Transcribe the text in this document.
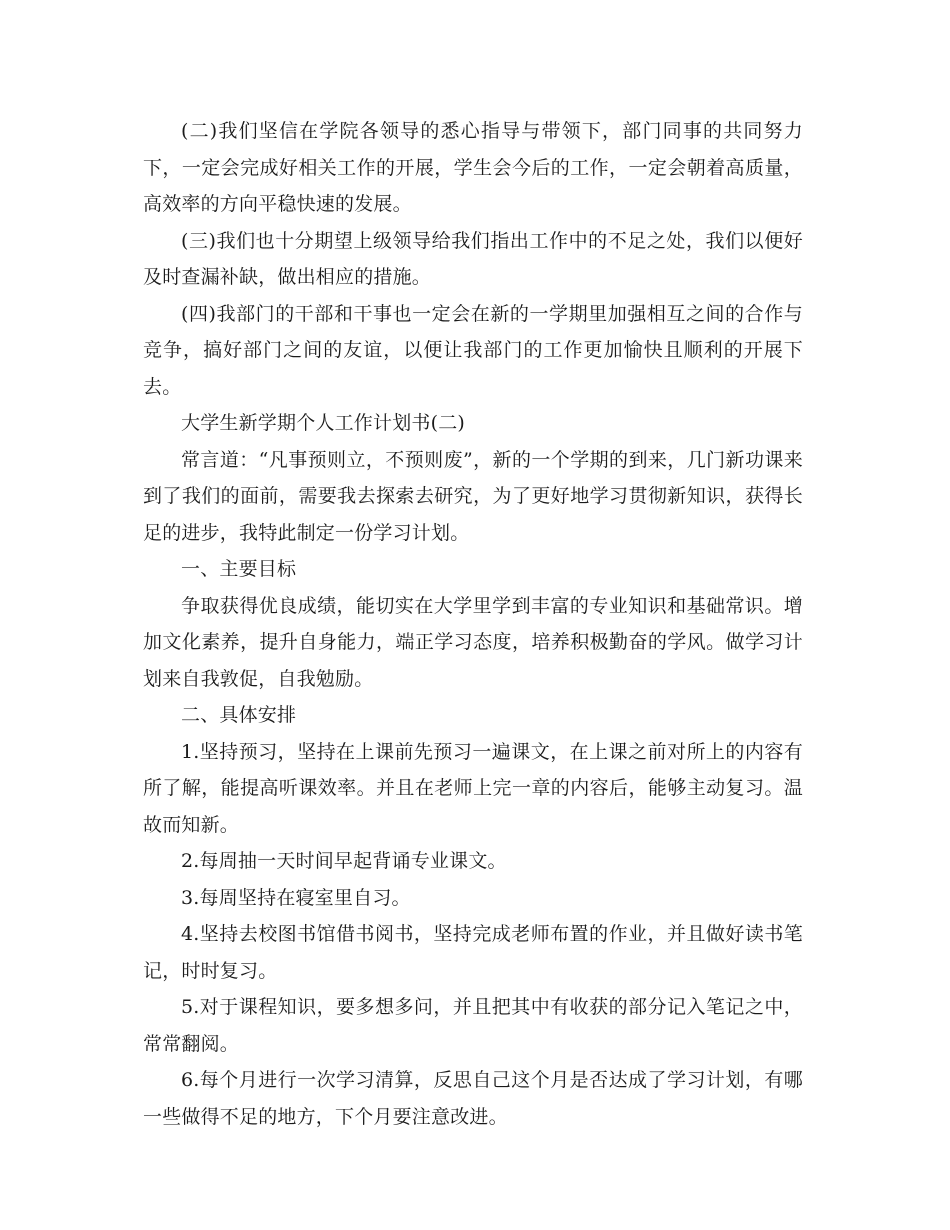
(二)我们坚信在学院各领导的悉心指导与带领下，部门同事的共同努力下，一定会完成好相关工作的开展，学生会今后的工作，一定会朝着高质量，高效率的方向平稳快速的发展。

(三)我们也十分期望上级领导给我们指出工作中的不足之处，我们以便好及时查漏补缺，做出相应的措施。

(四)我部门的干部和干事也一定会在新的一学期里加强相互之间的合作与竞争，搞好部门之间的友谊，以便让我部门的工作更加愉快且顺利的开展下去。

大学生新学期个人工作计划书(二)

常言道：“凡事预则立，不预则废”，新的一个学期的到来，几门新功课来到了我们的面前，需要我去探索去研究，为了更好地学习贯彻新知识，获得长足的进步，我特此制定一份学习计划。

一、主要目标

争取获得优良成绩，能切实在大学里学到丰富的专业知识和基础常识。增加文化素养，提升自身能力，端正学习态度，培养积极勤奋的学风。做学习计划来自我敦促，自我勉励。

二、具体安排

1.坚持预习，坚持在上课前先预习一遍课文，在上课之前对所上的内容有所了解，能提高听课效率。并且在老师上完一章的内容后，能够主动复习。温故而知新。

2.每周抽一天时间早起背诵专业课文。

3.每周坚持在寝室里自习。

4.坚持去校图书馆借书阅书，坚持完成老师布置的作业，并且做好读书笔记，时时复习。

5.对于课程知识，要多想多问，并且把其中有收获的部分记入笔记之中，常常翻阅。

6.每个月进行一次学习清算，反思自己这个月是否达成了学习计划，有哪一些做得不足的地方，下个月要注意改进。
